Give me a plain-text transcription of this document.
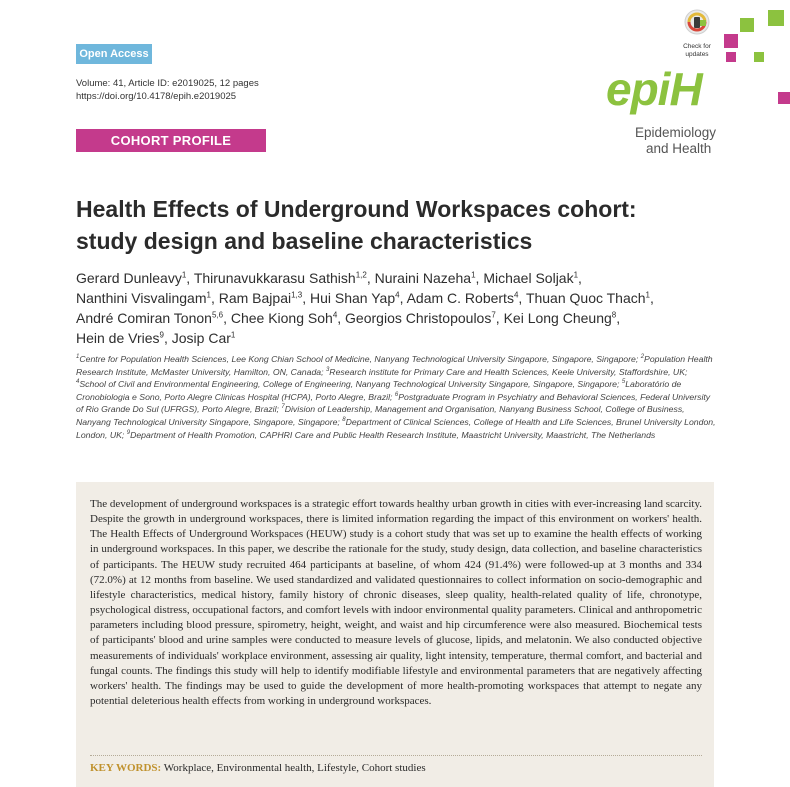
Open Access
Volume: 41, Article ID: e2019025, 12 pages
https://doi.org/10.4178/epih.e2019025
COHORT PROFILE
Check for
updates
epiH
Epidemiology
and Health
Health Effects of Underground Workspaces cohort:
study design and baseline characteristics
Gerard Dunleavy$^1$, Thirunavukkarasu Sathish$^{1,2}$, Nuraini Nazeha$^1$, Michael Soljak$^1$,
Nanthini Visvalingam$^1$, Ram Bajpai$^{1,3}$, Hui Shan Yap$^4$, Adam C. Roberts$^4$, Thuan Quoc Thach$^1$,
André Comiran Tonon$^{5,6}$, Chee Kiong Soh$^4$, Georgios Christopoulos$^7$, Kei Long Cheung$^8$,
Hein de Vries$^9$, Josip Car$^1$
$^1$Centre for Population Health Sciences, Lee Kong Chian School of Medicine, Nanyang Technological University Singapore, Singapore, Singapore; $^2$Population Health Research Institute, McMaster University, Hamilton, ON, Canada; $^3$Research institute for Primary Care and Health Sciences, Keele University, Staffordshire, UK; $^4$School of Civil and Environmental Engineering, College of Engineering, Nanyang Technological University Singapore, Singapore, Singapore; $^5$Laboratório de Cronobiologia e Sono, Porto Alegre Clinicas Hospital (HCPA), Porto Alegre, Brazil; $^6$Postgraduate Program in Psychiatry and Behavioral Sciences, Federal University of Rio Grande Do Sul (UFRGS), Porto Alegre, Brazil; $^7$Division of Leadership, Management and Organisation, Nanyang Business School, College of Business, Nanyang Technological University Singapore, Singapore, Singapore; $^8$Department of Clinical Sciences, College of Health and Life Sciences, Brunel University London, London, UK; $^9$Department of Health Promotion, CAPHRI Care and Public Health Research Institute, Maastricht University, Maastricht, The Netherlands
The development of underground workspaces is a strategic effort towards healthy urban growth in cities with ever-increasing land scarcity. Despite the growth in underground workspaces, there is limited information regarding the impact of this environment on workers' health. The Health Effects of Underground Workspaces (HEUW) study is a cohort study that was set up to examine the health effects of working in underground workspaces. In this paper, we describe the rationale for the study, study design, data collection, and baseline characteristics of participants. The HEUW study recruited 464 participants at baseline, of whom 424 (91.4%) were followed-up at 3 months and 334 (72.0%) at 12 months from baseline. We used standardized and validated questionnaires to collect information on socio-demographic and lifestyle characteristics, medical history, family history of chronic diseases, sleep quality, health-related quality of life, chronotype, psychological distress, occupational factors, and comfort levels with indoor environmental quality parameters. Clinical and anthropometric parameters including blood pressure, spirometry, height, weight, and waist and hip circumference were also measured. Biochemical tests of participants' blood and urine samples were conducted to measure levels of glucose, lipids, and melatonin. We also conducted objective measurements of individuals' workplace environment, assessing air quality, light intensity, temperature, thermal comfort, and bacterial and fungal counts. The findings this study will help to identify modifiable lifestyle and environmental parameters that are negatively affecting workers' health. The findings may be used to guide the development of more health-promoting workspaces that attempt to negate any potential deleterious health effects from working in underground workspaces.
KEY WORDS: Workplace, Environmental health, Lifestyle, Cohort studies
